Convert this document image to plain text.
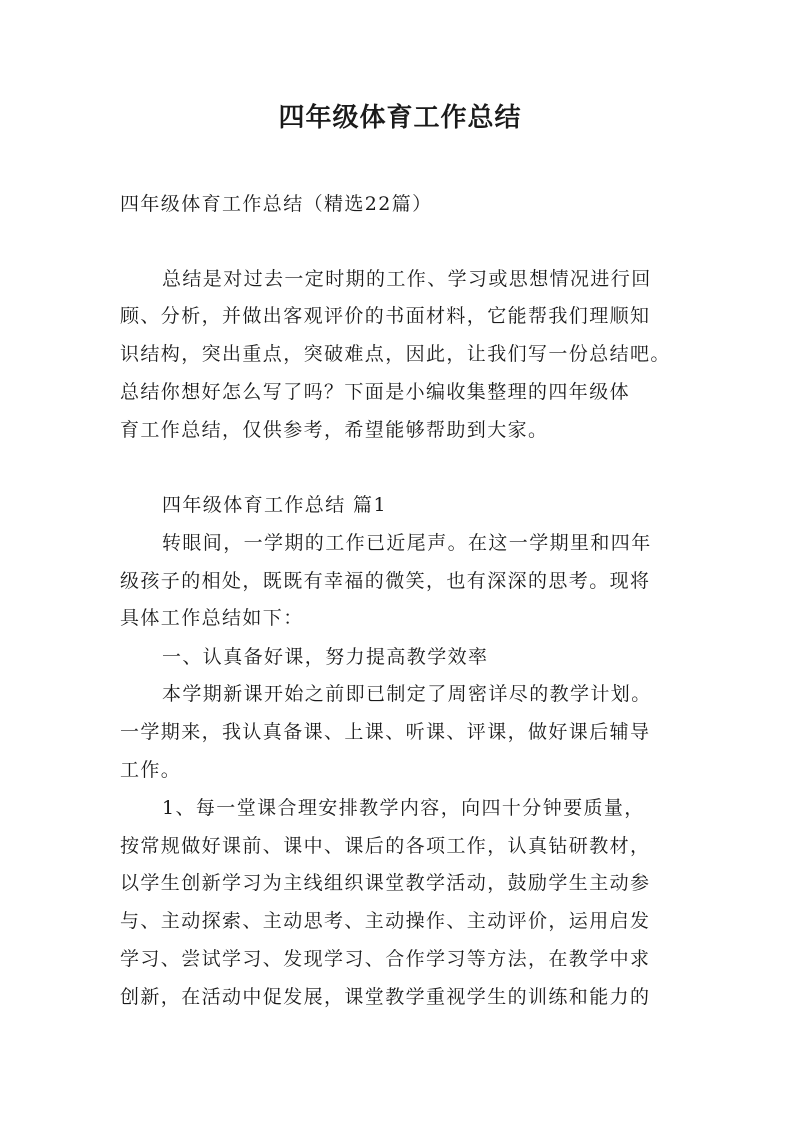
四年级体育工作总结
四年级体育工作总结（精选22篇）
总结是对过去一定时期的工作、学习或思想情况进行回
顾、分析，并做出客观评价的书面材料，它能帮我们理顺知
识结构，突出重点，突破难点，因此，让我们写一份总结吧。
总结你想好怎么写了吗？下面是小编收集整理的四年级体
育工作总结，仅供参考，希望能够帮助到大家。
四年级体育工作总结 篇1
转眼间，一学期的工作已近尾声。在这一学期里和四年
级孩子的相处，既既有幸福的微笑，也有深深的思考。现将
具体工作总结如下：
一、认真备好课，努力提高教学效率
本学期新课开始之前即已制定了周密详尽的教学计划。
一学期来，我认真备课、上课、听课、评课，做好课后辅导
工作。
1、每一堂课合理安排教学内容，向四十分钟要质量，
按常规做好课前、课中、课后的各项工作，认真钻研教材，
以学生创新学习为主线组织课堂教学活动，鼓励学生主动参
与、主动探索、主动思考、主动操作、主动评价，运用启发
学习、尝试学习、发现学习、合作学习等方法，在教学中求
创新，在活动中促发展，课堂教学重视学生的训练和能力的
